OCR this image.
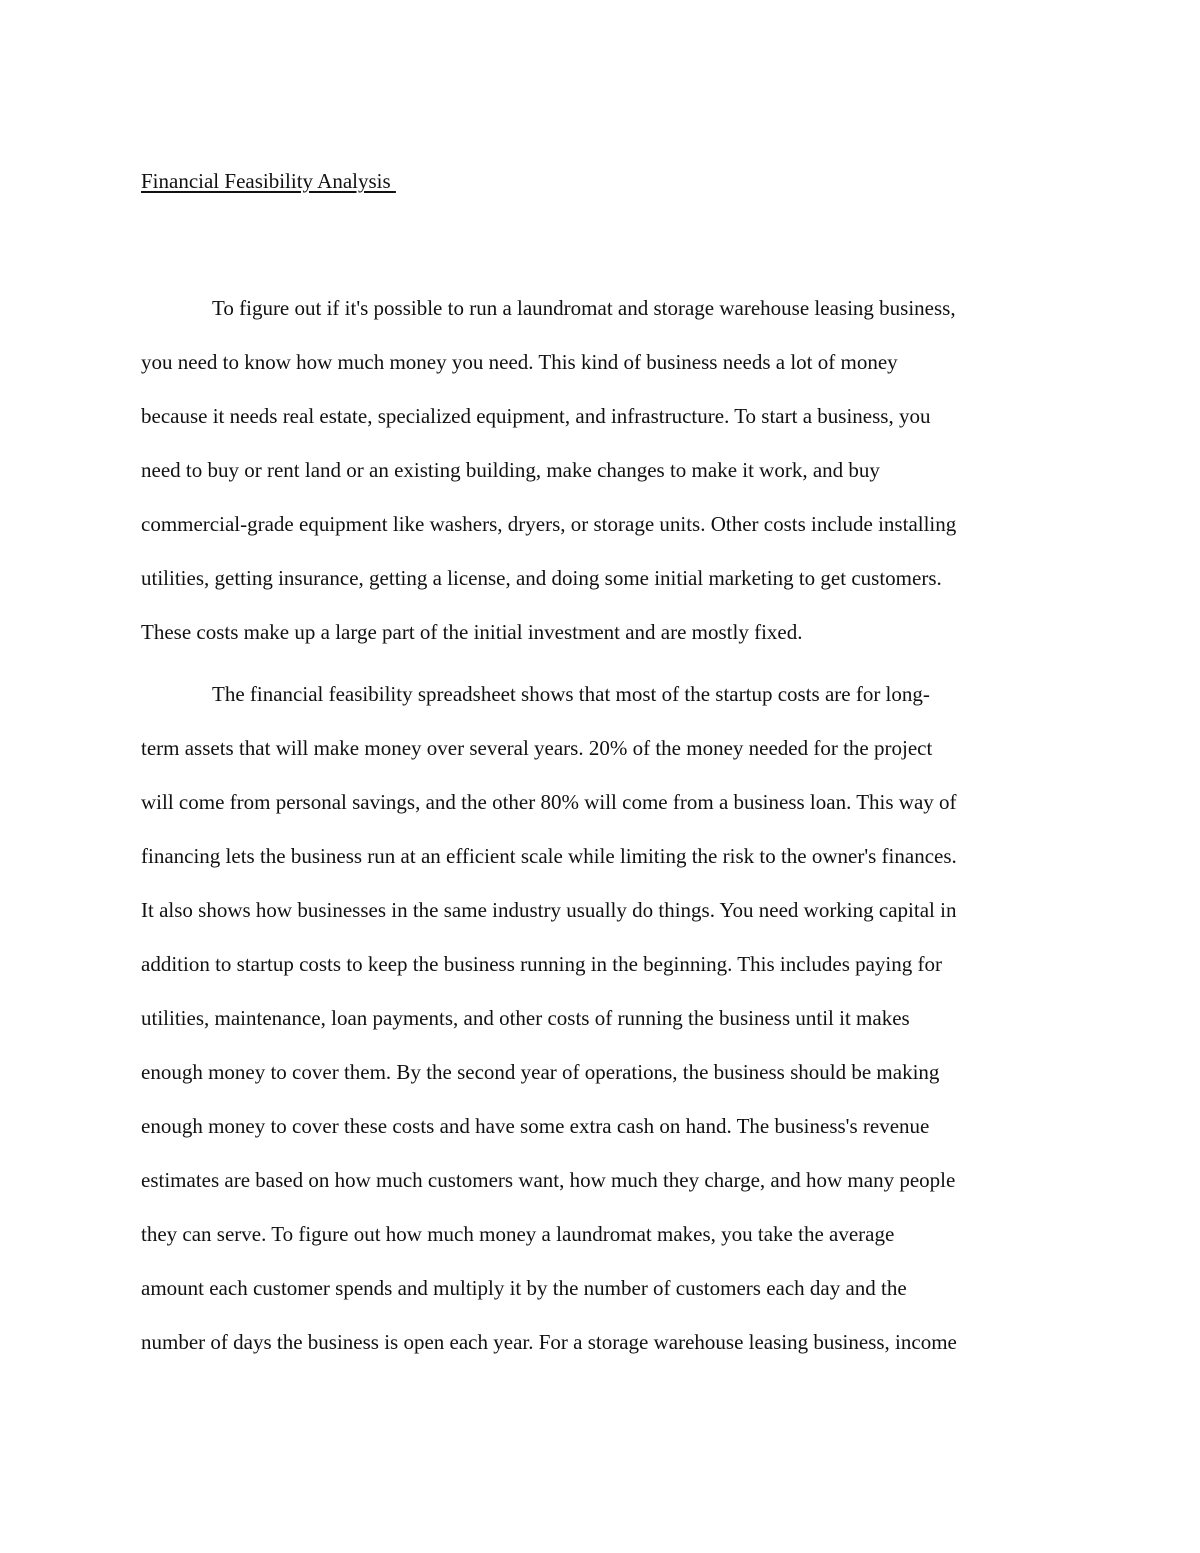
Financial Feasibility Analysis
To figure out if it's possible to run a laundromat and storage warehouse leasing business,
you need to know how much money you need. This kind of business needs a lot of money
because it needs real estate, specialized equipment, and infrastructure. To start a business, you
need to buy or rent land or an existing building, make changes to make it work, and buy
commercial-grade equipment like washers, dryers, or storage units. Other costs include installing
utilities, getting insurance, getting a license, and doing some initial marketing to get customers.
These costs make up a large part of the initial investment and are mostly fixed.
The financial feasibility spreadsheet shows that most of the startup costs are for long-
term assets that will make money over several years. 20% of the money needed for the project
will come from personal savings, and the other 80% will come from a business loan. This way of
financing lets the business run at an efficient scale while limiting the risk to the owner's finances.
It also shows how businesses in the same industry usually do things. You need working capital in
addition to startup costs to keep the business running in the beginning. This includes paying for
utilities, maintenance, loan payments, and other costs of running the business until it makes
enough money to cover them. By the second year of operations, the business should be making
enough money to cover these costs and have some extra cash on hand. The business's revenue
estimates are based on how much customers want, how much they charge, and how many people
they can serve. To figure out how much money a laundromat makes, you take the average
amount each customer spends and multiply it by the number of customers each day and the
number of days the business is open each year. For a storage warehouse leasing business, income
